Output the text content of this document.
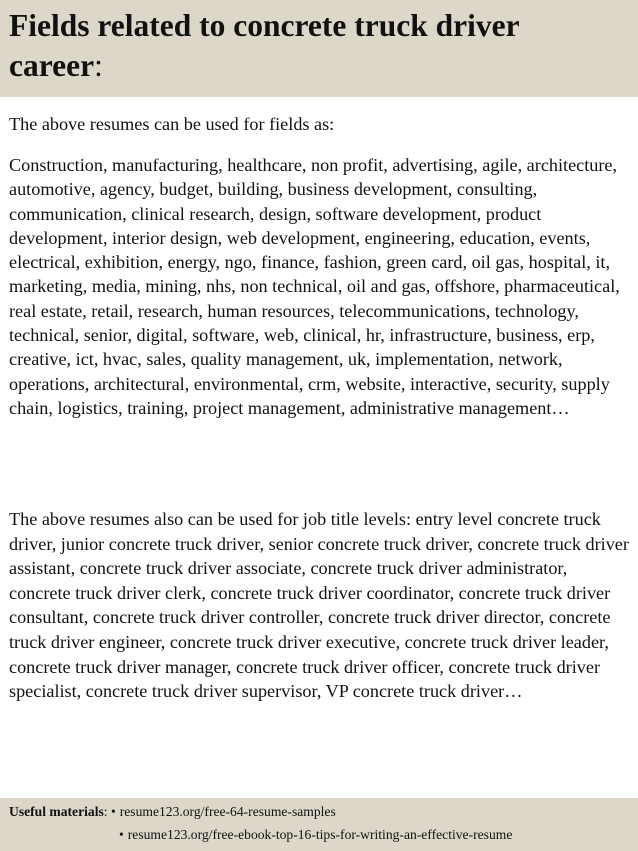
Fields related to concrete truck driver career:

The above resumes can be used for fields as:

Construction, manufacturing, healthcare, non profit, advertising, agile, architecture, automotive, agency, budget, building, business development, consulting, communication, clinical research, design, software development, product development, interior design, web development, engineering, education, events, electrical, exhibition, energy, ngo, finance, fashion, green card, oil gas, hospital, it, marketing, media, mining, nhs, non technical, oil and gas, offshore, pharmaceutical, real estate, retail, research, human resources, telecommunications, technology, technical, senior, digital, software, web, clinical, hr, infrastructure, business, erp, creative, ict, hvac, sales, quality management, uk, implementation, network, operations, architectural, environmental, crm, website, interactive, security, supply chain, logistics, training, project management, administrative management…

The above resumes also can be used for job title levels: entry level concrete truck driver, junior concrete truck driver, senior concrete truck driver, concrete truck driver assistant, concrete truck driver associate, concrete truck driver administrator, concrete truck driver clerk, concrete truck driver coordinator, concrete truck driver consultant, concrete truck driver controller, concrete truck driver director, concrete truck driver engineer, concrete truck driver executive, concrete truck driver leader, concrete truck driver manager, concrete truck driver officer, concrete truck driver specialist, concrete truck driver supervisor, VP concrete truck driver…

Useful materials: • resume123.org/free-64-resume-samples
• resume123.org/free-ebook-top-16-tips-for-writing-an-effective-resume
